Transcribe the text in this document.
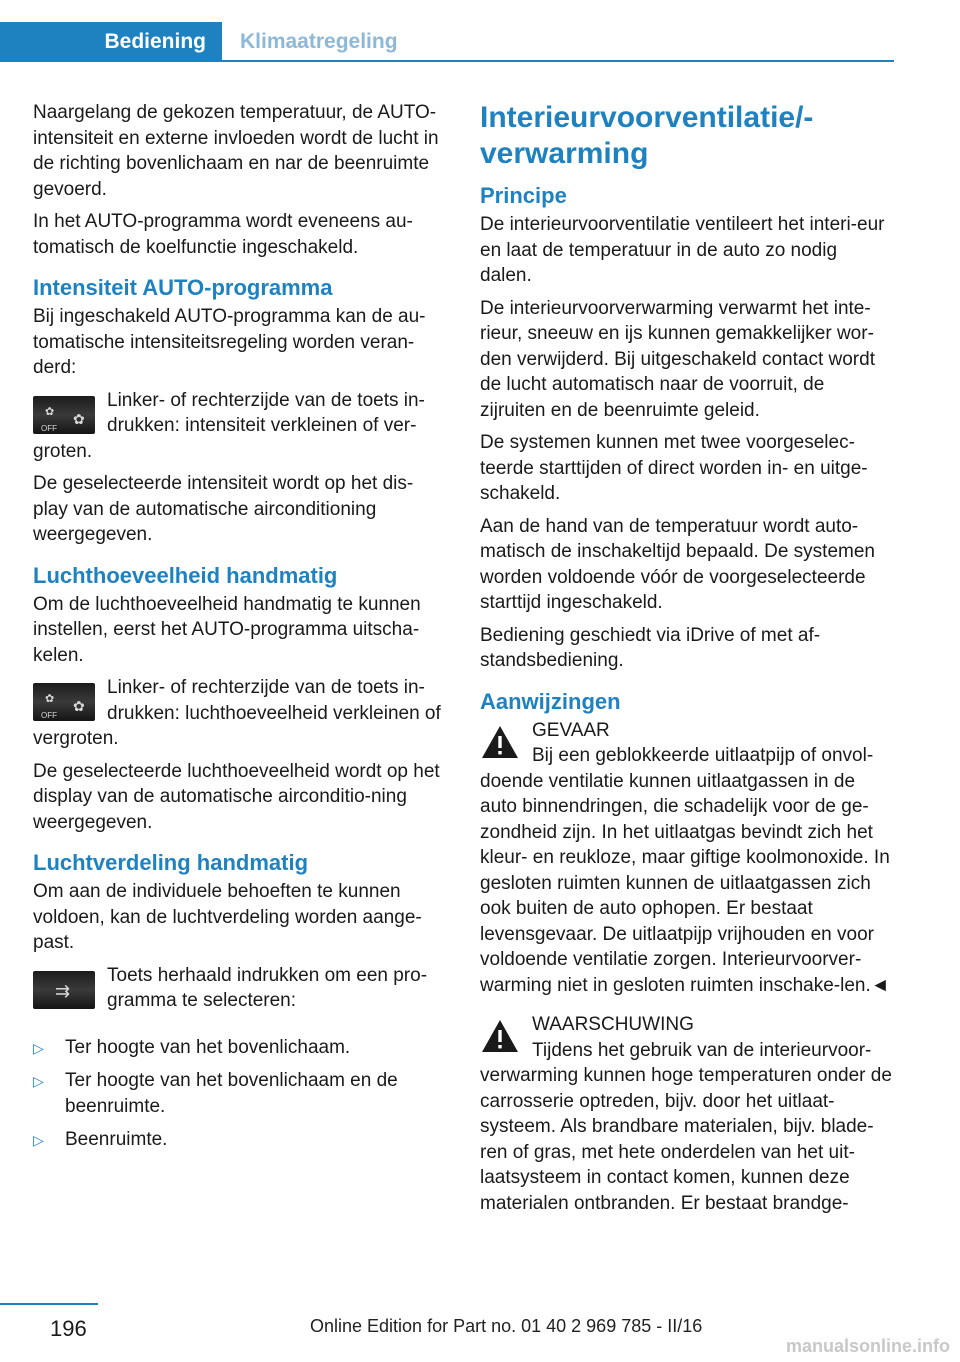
Bediening	Klimaatregeling

Naargelang de gekozen temperatuur, de AUTO-intensiteit en externe invloeden wordt de lucht in de richting bovenlichaam en nar de beenruimte gevoerd.

In het AUTO-programma wordt eveneens au-tomatisch de koelfunctie ingeschakeld.

Intensiteit AUTO-programma

Bij ingeschakeld AUTO-programma kan de au-tomatische intensiteitsregeling worden veran-derd:

✿
OFF
✿

Linker- of rechterzijde van de toets in-drukken: intensiteit verkleinen of ver-groten.

De geselecteerde intensiteit wordt op het dis-play van de automatische airconditioning weergegeven.

Luchthoeveelheid handmatig

Om de luchthoeveelheid handmatig te kunnen instellen, eerst het AUTO-programma uitscha-kelen.

✿
OFF
✿

Linker- of rechterzijde van de toets in-drukken: luchthoeveelheid verkleinen of vergroten.

De geselecteerde luchthoeveelheid wordt op het display van de automatische airconditio-ning weergegeven.

Luchtverdeling handmatig

Om aan de individuele behoeften te kunnen voldoen, kan de luchtverdeling worden aange-past.

⇉

Toets herhaald indrukken om een pro-gramma te selecteren:

▷ Ter hoogte van het bovenlichaam.
▷ Ter hoogte van het bovenlichaam en de beenruimte.
▷ Beenruimte.
Interieurvoorventilatie/-verwarming
Principe

De interieurvoorventilatie ventileert het interi-eur en laat de temperatuur in de auto zo nodig dalen.

De interieurvoorverwarming verwarmt het inte-rieur, sneeuw en ijs kunnen gemakkelijker wor-den verwijderd. Bij uitgeschakeld contact wordt de lucht automatisch naar de voorruit, de zijruiten en de beenruimte geleid.

De systemen kunnen met twee voorgeselec-teerde starttijden of direct worden in- en uitge-schakeld.

Aan de hand van de temperatuur wordt auto-matisch de inschakeltijd bepaald. De systemen worden voldoende vóór de voorgeselecteerde starttijd ingeschakeld.

Bediening geschiedt via iDrive of met af-standsbediening.

Aanwijzingen
GEVAAR
Bij een geblokkeerde uitlaatpijp of onvol-doende ventilatie kunnen uitlaatgassen in de auto binnendringen, die schadelijk voor de ge-zondheid zijn. In het uitlaatgas bevindt zich het kleur- en reukloze, maar giftige koolmonoxide. In gesloten ruimten kunnen de uitlaatgassen zich ook buiten de auto ophopen. Er bestaat levensgevaar. De uitlaatpijp vrijhouden en voor voldoende ventilatie zorgen. Interieurvoorver-warming niet in gesloten ruimten inschake-len.◄
WAARSCHUWING
Tijdens het gebruik van de interieurvoor-verwarming kunnen hoge temperaturen onder de carrosserie optreden, bijv. door het uitlaat-systeem. Als brandbare materialen, bijv. blade-ren of gras, met hete onderdelen van het uit-laatsysteem in contact komen, kunnen deze materialen ontbranden. Er bestaat brandge-
196	Online Edition for Part no. 01 40 2 969 785 - II/16
manualsonline.info
